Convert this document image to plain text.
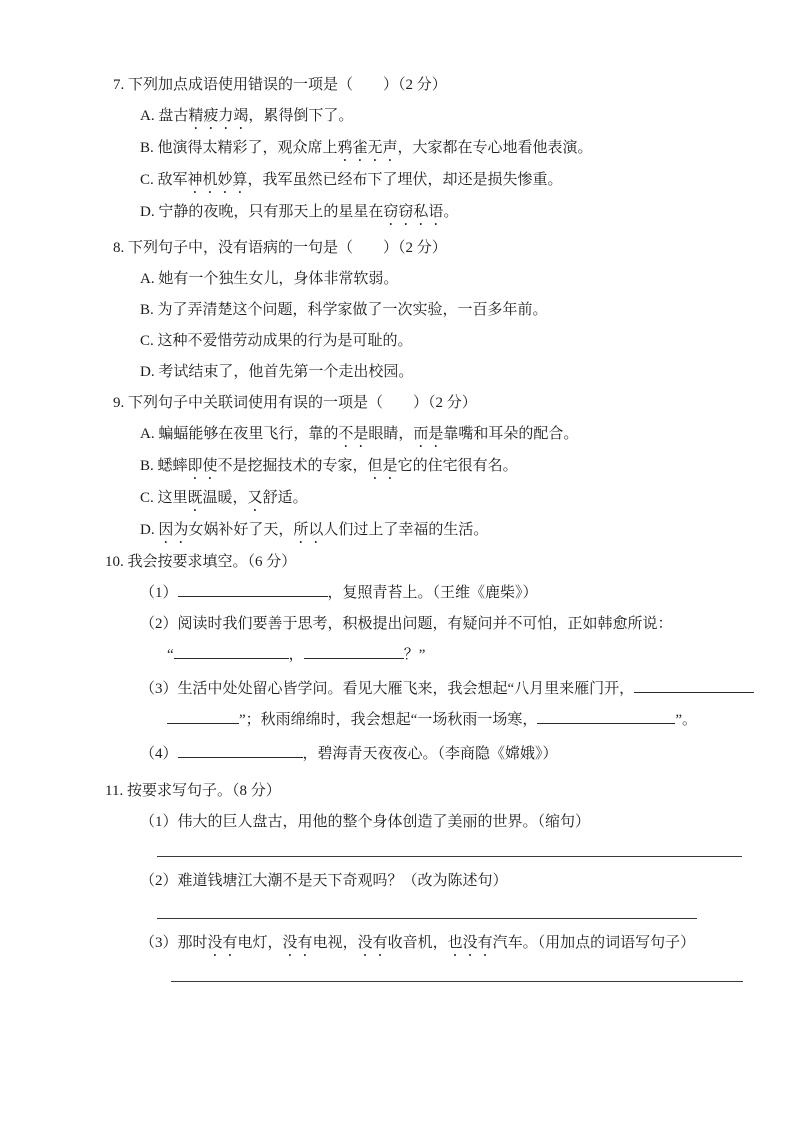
7. 下列加点成语使用错误的一项是（　　）（2 分）

A. 盘古精疲力竭，累得倒下了。

B. 他演得太精彩了，观众席上鸦雀无声，大家都在专心地看他表演。

C. 敌军神机妙算，我军虽然已经布下了埋伏，却还是损失惨重。

D. 宁静的夜晚，只有那天上的星星在窃窃私语。

8. 下列句子中，没有语病的一句是（　　）（2 分）

A. 她有一个独生女儿，身体非常软弱。

B. 为了弄清楚这个问题，科学家做了一次实验，一百多年前。

C. 这种不爱惜劳动成果的行为是可耻的。

D. 考试结束了，他首先第一个走出校园。

9. 下列句子中关联词使用有误的一项是（　　）（2 分）

A. 蝙蝠能够在夜里飞行，靠的不是眼睛，而是靠嘴和耳朵的配合。

B. 蟋蟀即使不是挖掘技术的专家，但是它的住宅很有名。

C. 这里既温暖，又舒适。

D. 因为女娲补好了天，所以人们过上了幸福的生活。

10. 我会按要求填空。（6 分）

（1）	，复照青苔上。（王维《鹿柴》）

（2）阅读时我们要善于思考，积极提出问题，有疑问并不可怕，正如韩愈所说：

“	，	？”

（3）生活中处处留心皆学问。看见大雁飞来，我会想起“八月里来雁门开，

”；秋雨绵绵时，我会想起“一场秋雨一场寒，	”。

（4）	，碧海青天夜夜心。（李商隐《嫦娥》）

11. 按要求写句子。（8 分）

（1）伟大的巨人盘古，用他的整个身体创造了美丽的世界。（缩句）

（2）难道钱塘江大潮不是天下奇观吗？（改为陈述句）

（3）那时没有电灯，没有电视，没有收音机，也没有汽车。（用加点的词语写句子）
